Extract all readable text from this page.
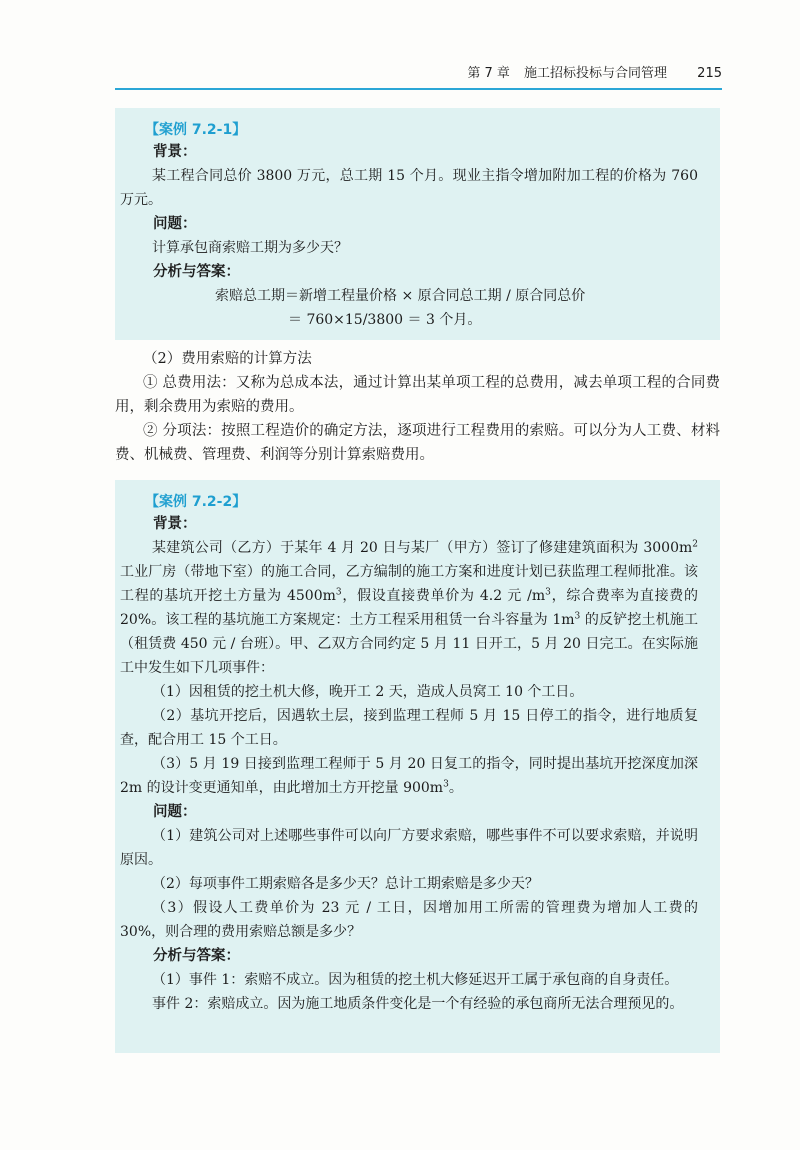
第 7 章 施工招标投标与合同管理 215
【案例 7.2-1】
背景：

某工程合同总价 3800 万元，总工期 15 个月。现业主指令增加附加工程的价格为 760 万元。

问题：

计算承包商索赔工期为多少天？

分析与答案：

索赔总工期＝新增工程量价格 × 原合同总工期 / 原合同总价

＝ 760×15/3800 ＝ 3 个月。

（2）费用索赔的计算方法

① 总费用法：又称为总成本法，通过计算出某单项工程的总费用，减去单项工程的合同费用，剩余费用为索赔的费用。

② 分项法：按照工程造价的确定方法，逐项进行工程费用的索赔。可以分为人工费、材料费、机械费、管理费、利润等分别计算索赔费用。

【案例 7.2-2】
背景：

某建筑公司（乙方）于某年 4 月 20 日与某厂（甲方）签订了修建建筑面积为 $3000m^2$ 工业厂房（带地下室）的施工合同，乙方编制的施工方案和进度计划已获监理工程师批准。该工程的基坑开挖土方量为 $4500m^3$，假设直接费单价为 4.2 元 $/m^3$，综合费率为直接费的 20%。该工程的基坑施工方案规定：土方工程采用租赁一台斗容量为 $1m^3$ 的反铲挖土机施工（租赁费 450 元 / 台班）。甲、乙双方合同约定 5 月 11 日开工，5 月 20 日完工。在实际施工中发生如下几项事件：

（1）因租赁的挖土机大修，晚开工 2 天，造成人员窝工 10 个工日。

（2）基坑开挖后，因遇软土层，接到监理工程师 5 月 15 日停工的指令，进行地质复查，配合用工 15 个工日。

（3）5 月 19 日接到监理工程师于 5 月 20 日复工的指令，同时提出基坑开挖深度加深 2m 的设计变更通知单，由此增加土方开挖量 $900m^3$。

问题：

（1）建筑公司对上述哪些事件可以向厂方要求索赔，哪些事件不可以要求索赔，并说明原因。

（2）每项事件工期索赔各是多少天？总计工期索赔是多少天？

（3）假设人工费单价为 23 元 / 工日，因增加用工所需的管理费为增加人工费的 30%，则合理的费用索赔总额是多少？

分析与答案：

（1）事件 1：索赔不成立。因为租赁的挖土机大修延迟开工属于承包商的自身责任。

事件 2：索赔成立。因为施工地质条件变化是一个有经验的承包商所无法合理预见的。
